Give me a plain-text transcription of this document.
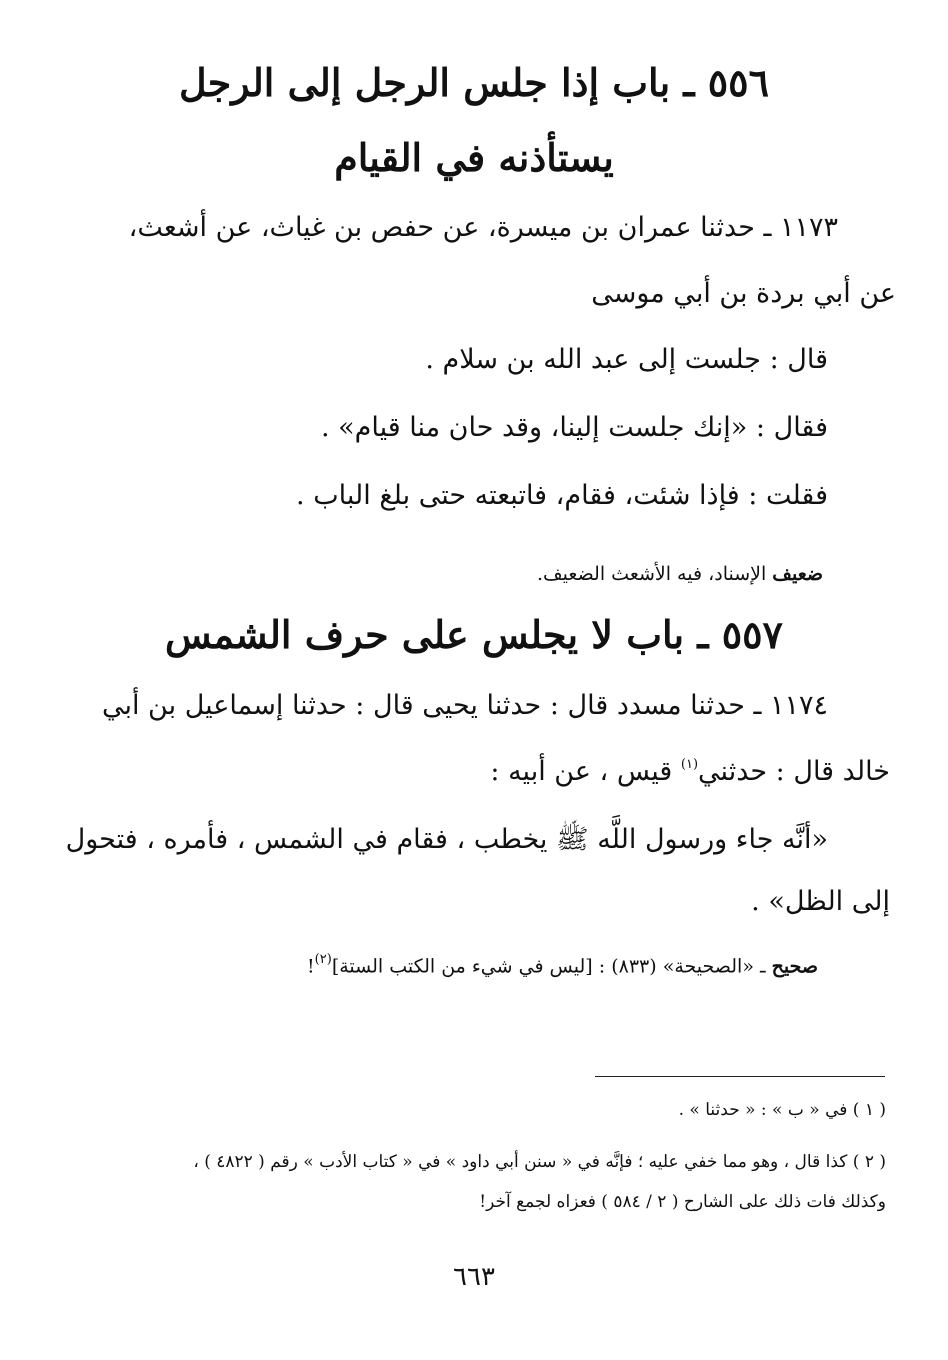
٥٥٦ ـ باب إذا جلس الرجل إلى الرجل
يستأذنه في القيام
١١٧٣ ـ حدثنا عمران بن ميسرة، عن حفص بن غياث، عن أشعث،
عن أبي بردة بن أبي موسى
قال : جلست إلى عبد الله بن سلام .
فقال : «إنك جلست إلينا، وقد حان منا قيام» .
فقلت : فإذا شئت، فقام، فاتبعته حتى بلغ الباب .
ضعيف الإسناد، فيه الأشعث الضعيف.
٥٥٧ ـ باب لا يجلس على حرف الشمس
١١٧٤ ـ حدثنا مسدد قال : حدثنا يحيى قال : حدثنا إسماعيل بن أبي
خالد قال : حدثني$^{(١)}$ قيس ، عن أبيه :
«أنَّه جاء ورسول اللَّه ﷺ يخطب ، فقام في الشمس ، فأمره ، فتحول
إلى الظل» .
صحيح ـ «الصحيحة» (٨٣٣) : [ليس في شيء من الكتب الستة]$^{(٢)}$!
( ١ ) في « ب » : « حدثنا » .
( ٢ ) كذا قال ، وهو مما خفي عليه ؛ فإنَّه في « سنن أبي داود » في « كتاب الأدب » رقم ( ٤٨٢٢ ) ،
وكذلك فات ذلك على الشارح ( ٢ / ٥٨٤ ) فعزاه لجمع آخر!
٦٦٣
